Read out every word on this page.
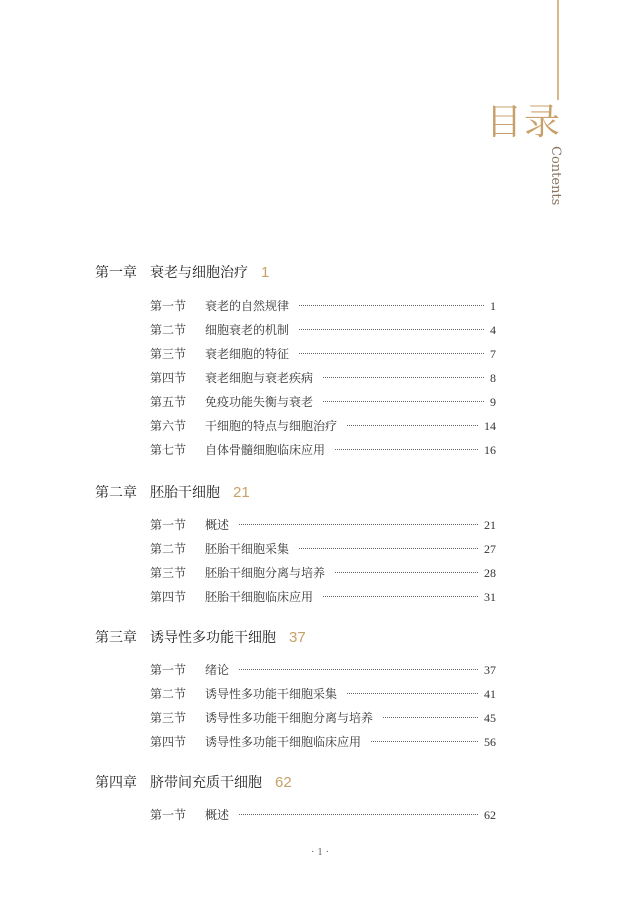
目录
Contents
第一章 衰老与细胞治疗 1
第一节	衰老的自然规律	1
第二节	细胞衰老的机制	4
第三节	衰老细胞的特征	7
第四节	衰老细胞与衰老疾病	8
第五节	免疫功能失衡与衰老	9
第六节	干细胞的特点与细胞治疗	14
第七节	自体骨髓细胞临床应用	16
第二章 胚胎干细胞 21
第一节	概述	21
第二节	胚胎干细胞采集	27
第三节	胚胎干细胞分离与培养	28
第四节	胚胎干细胞临床应用	31
第三章 诱导性多功能干细胞 37
第一节	绪论	37
第二节	诱导性多功能干细胞采集	41
第三节	诱导性多功能干细胞分离与培养	45
第四节	诱导性多功能干细胞临床应用	56
第四章 脐带间充质干细胞 62
第一节	概述	62
· 1 ·
